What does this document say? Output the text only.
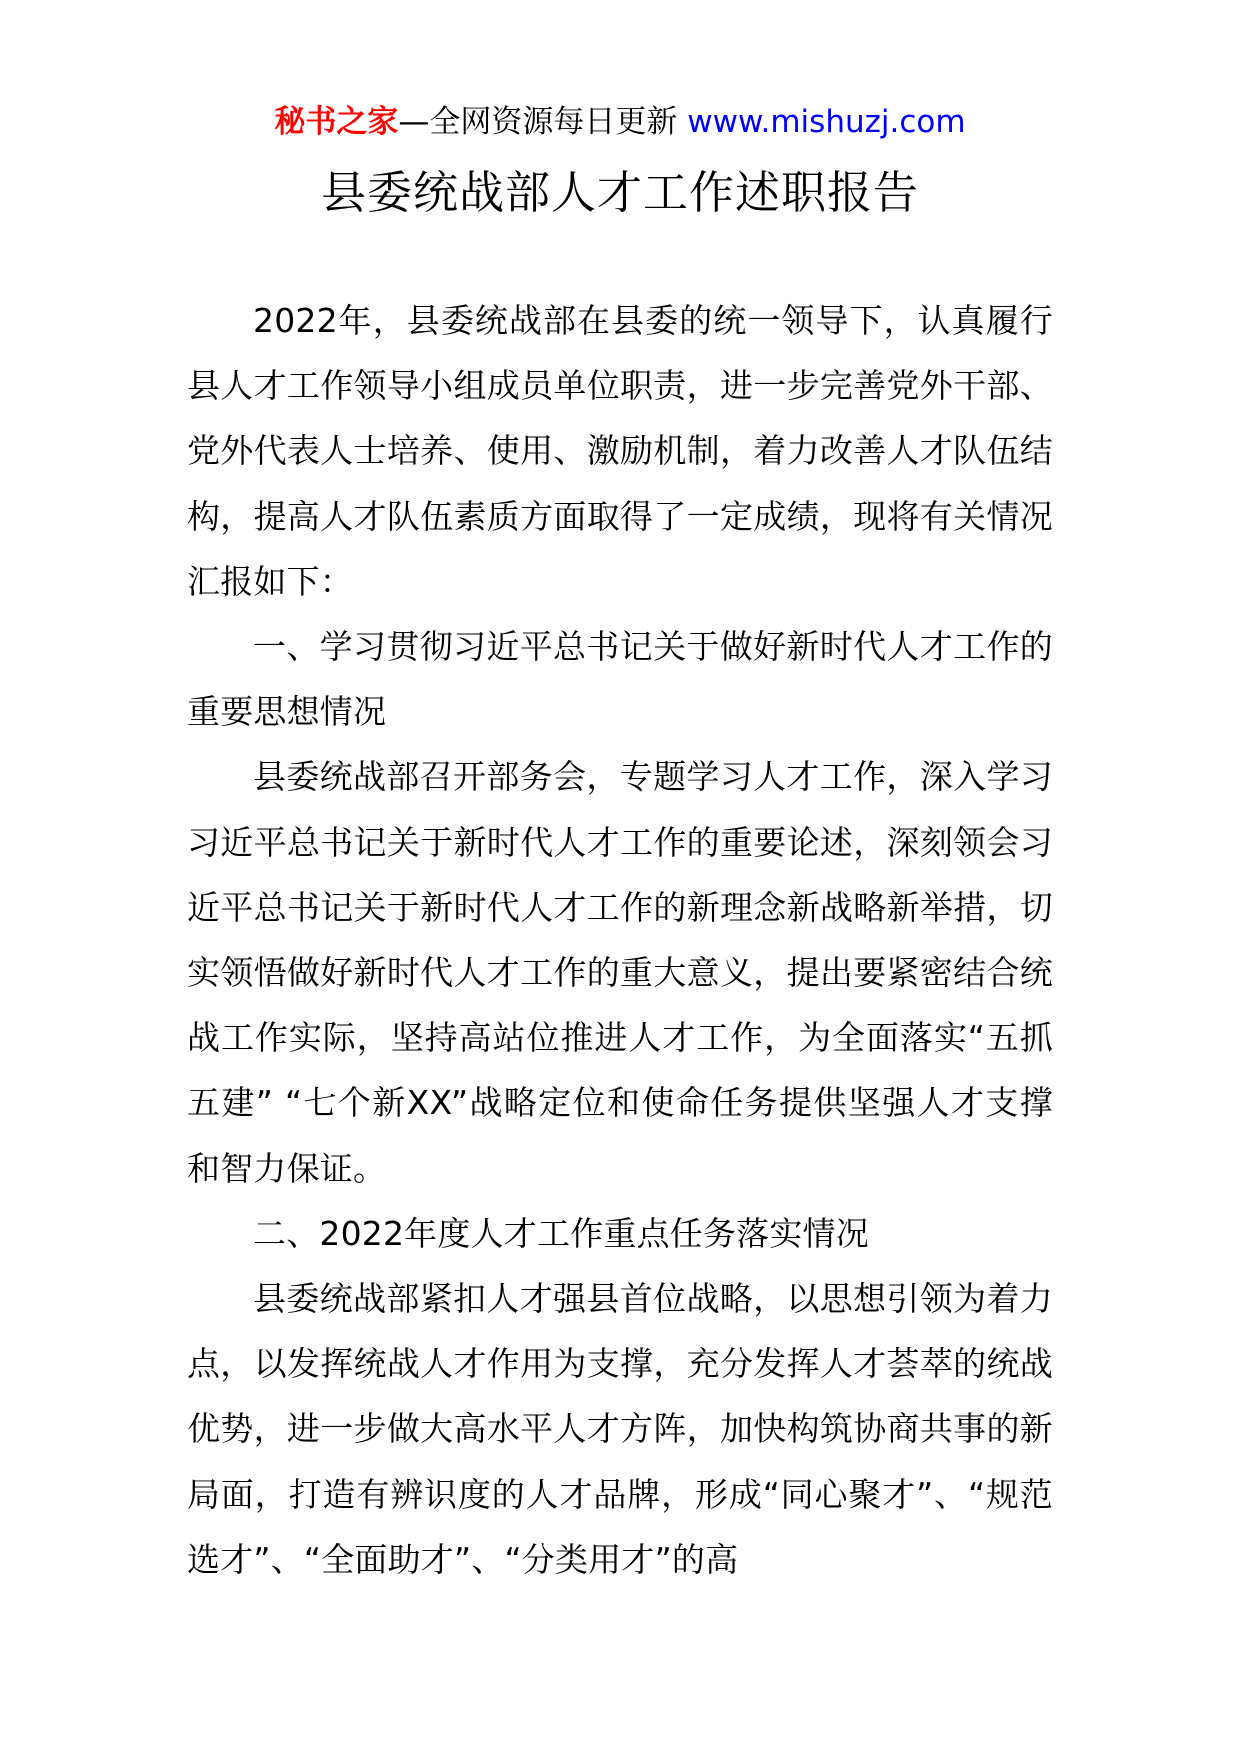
秘书之家—全网资源每日更新 www.mishuzj.com
县委统战部人才工作述职报告

2022年，县委统战部在县委的统一领导下，认真履行县人才工作领导小组成员单位职责，进一步完善党外干部、党外代表人士培养、使用、激励机制，着力改善人才队伍结构，提高人才队伍素质方面取得了一定成绩，现将有关情况汇报如下：

一、学习贯彻习近平总书记关于做好新时代人才工作的重要思想情况

县委统战部召开部务会，专题学习人才工作，深入学习习近平总书记关于新时代人才工作的重要论述，深刻领会习近平总书记关于新时代人才工作的新理念新战略新举措，切实领悟做好新时代人才工作的重大意义，提出要紧密结合统战工作实际，坚持高站位推进人才工作，为全面落实“五抓五建” “七个新XX”战略定位和使命任务提供坚强人才支撑和智力保证。

二、2022年度人才工作重点任务落实情况

县委统战部紧扣人才强县首位战略，以思想引领为着力点，以发挥统战人才作用为支撑，充分发挥人才荟萃的统战优势，进一步做大高水平人才方阵，加快构筑协商共事的新局面，打造有辨识度的人才品牌，形成“同心聚才”、“规范选才”、“全面助才”、“分类用才”的高
